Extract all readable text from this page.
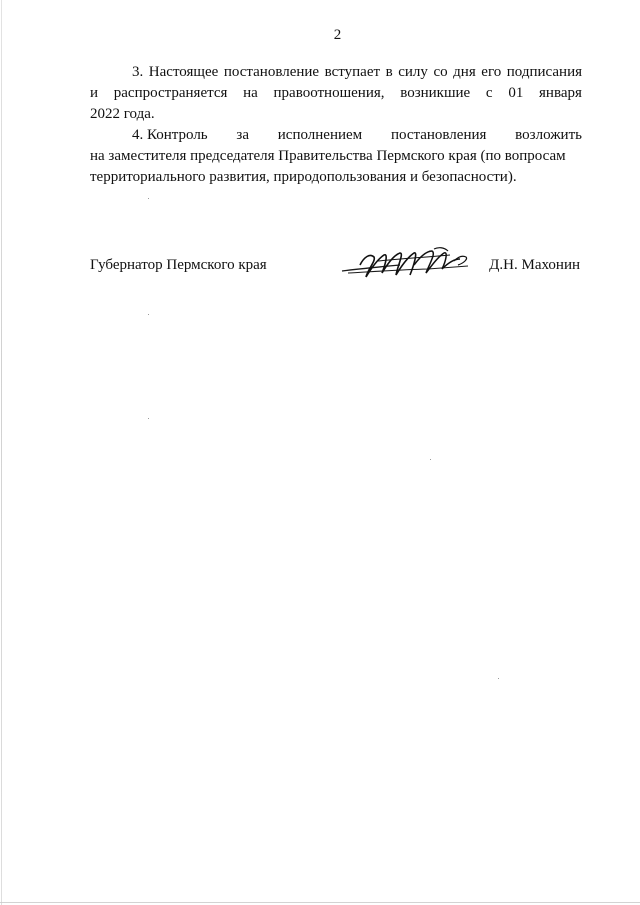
2
3. Настоящее постановление вступает в силу со дня его подписания
и распространяется на правоотношения, возникшие с 01 января
2022 года.
4. Контроль за исполнением постановления возложить
на заместителя председателя Правительства Пермского края (по вопросам
территориального развития, природопользования и безопасности).
Губернатор Пермского края	Д.Н. Махонин
